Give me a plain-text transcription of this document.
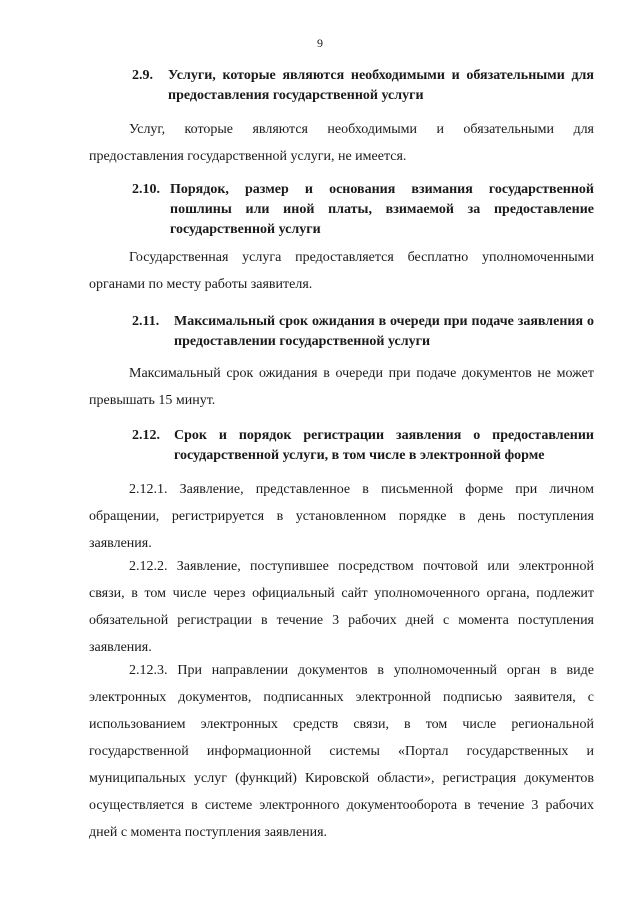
9
2.9. Услуги, которые являются необходимыми и обязательными для предоставления государственной услуги
Услуг, которые являются необходимыми и обязательными для предоставления государственной услуги, не имеется.
2.10. Порядок, размер и основания взимания государственной пошлины или иной платы, взимаемой за предоставление государственной услуги
Государственная услуга предоставляется бесплатно уполномоченными органами по месту работы заявителя.
2.11. Максимальный срок ожидания в очереди при подаче заявления о предоставлении государственной услуги
Максимальный срок ожидания в очереди при подаче документов не может превышать 15 минут.
2.12. Срок и порядок регистрации заявления о предоставлении государственной услуги, в том числе в электронной форме
2.12.1. Заявление, представленное в письменной форме при личном обращении, регистрируется в установленном порядке в день поступления заявления.
2.12.2. Заявление, поступившее посредством почтовой или электронной связи, в том числе через официальный сайт уполномоченного органа, подлежит обязательной регистрации в течение 3 рабочих дней с момента поступления заявления.
2.12.3. При направлении документов в уполномоченный орган в виде электронных документов, подписанных электронной подписью заявителя, с использованием электронных средств связи, в том числе региональной государственной информационной системы «Портал государственных и муниципальных услуг (функций) Кировской области», регистрация документов осуществляется в системе электронного документооборота в течение 3 рабочих дней с момента поступления заявления.
